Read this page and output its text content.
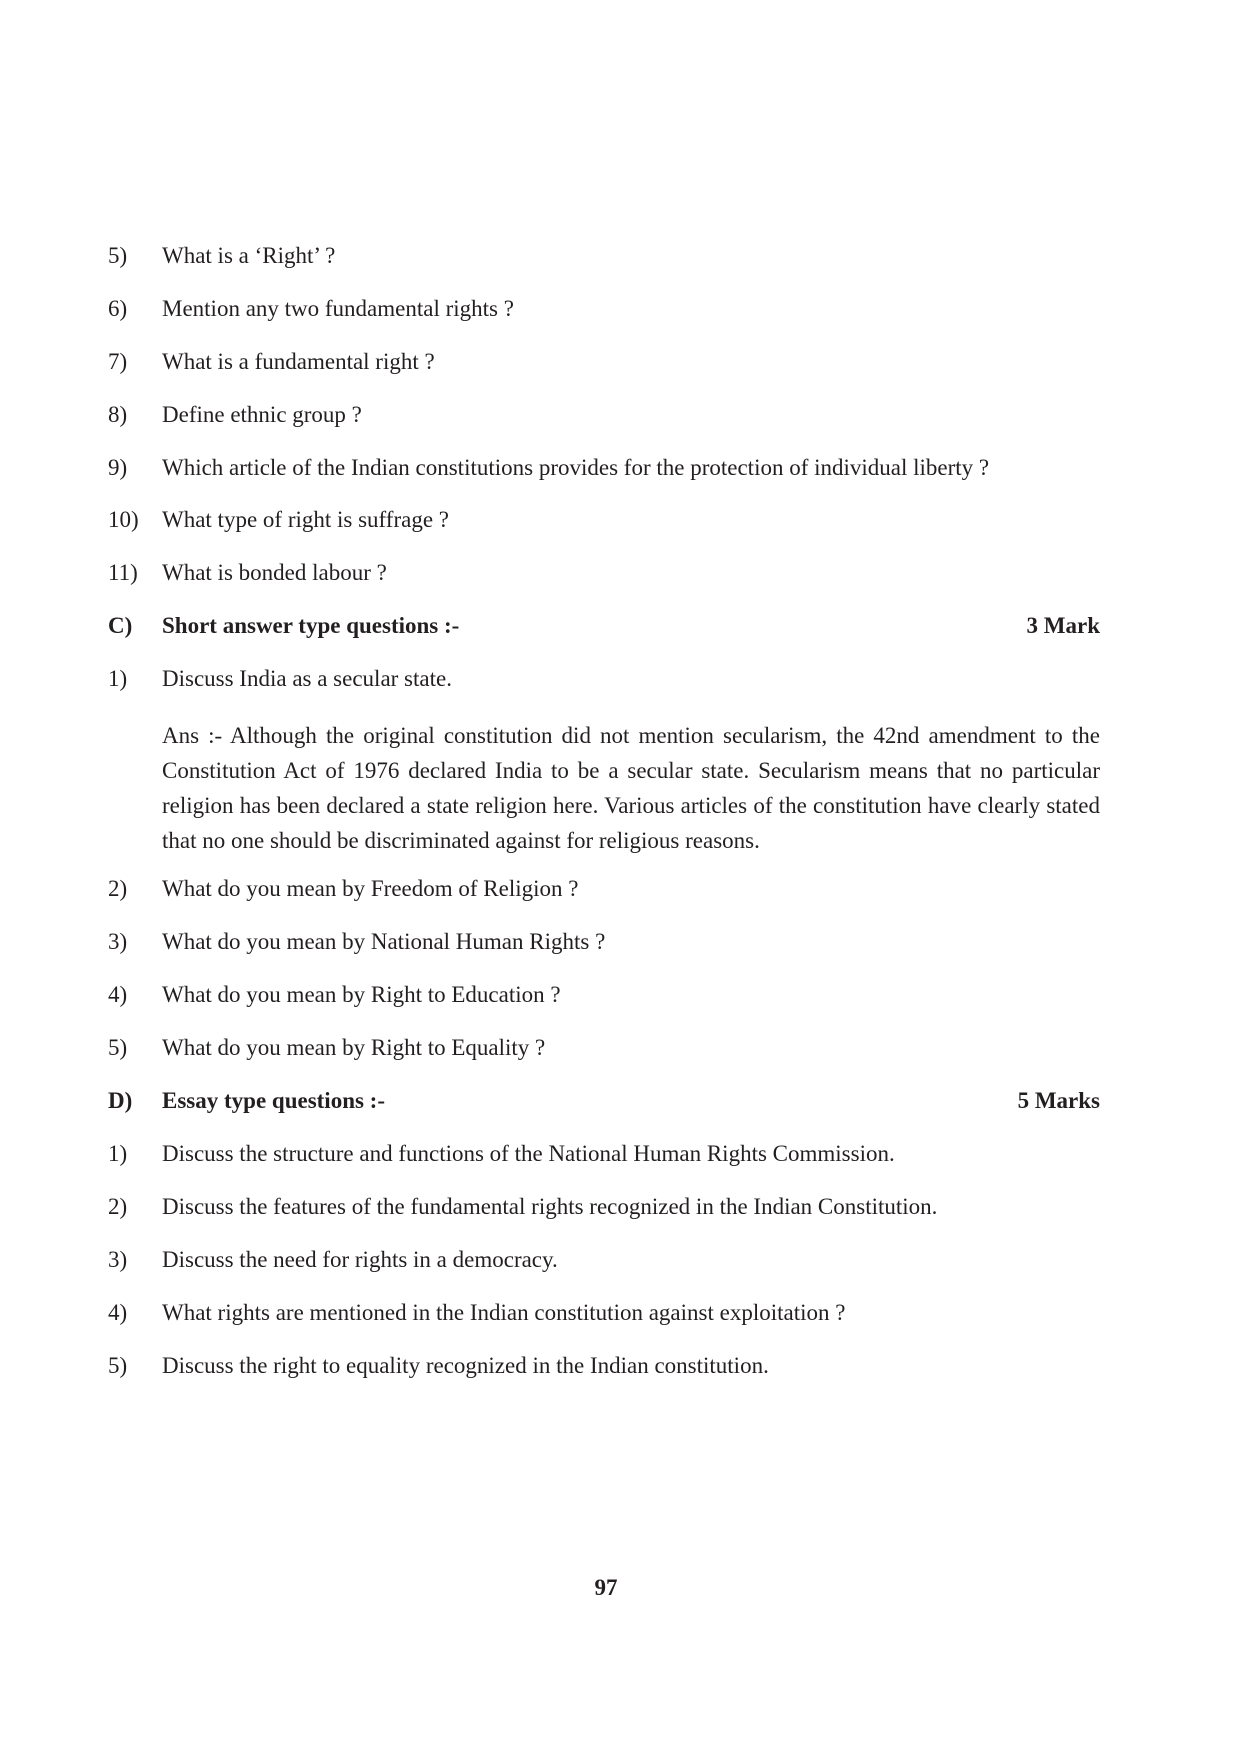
5)	What is a ‘Right’ ?
6)	Mention any two fundamental rights ?
7)	What is a fundamental right ?
8)	Define ethnic group ?
9)	Which article of the Indian constitutions provides for the protection of individual liberty ?
10)	What type of right is suffrage ?
11)	What is bonded labour ?
C)	Short answer type questions :-	3 Mark
1)	Discuss India as a secular state.
Ans :- Although the original constitution did not mention secularism, the 42nd amendment to the Constitution Act of 1976 declared India to be a secular state. Secularism means that no particular religion has been declared a state religion here. Various articles of the constitution have clearly stated that no one should be discriminated against for religious reasons.
2)	What do you mean by Freedom of Religion ?
3)	What do you mean by National Human Rights ?
4)	What do you mean by Right to Education ?
5)	What do you mean by Right to Equality ?
D)	Essay type questions :-	5 Marks
1)	Discuss the structure and functions of the National Human Rights Commission.
2)	Discuss the features of the fundamental rights recognized in the Indian Constitution.
3)	Discuss the need for rights in a democracy.
4)	What rights are mentioned in the Indian constitution against exploitation ?
5)	Discuss the right to equality recognized in the Indian constitution.
97
